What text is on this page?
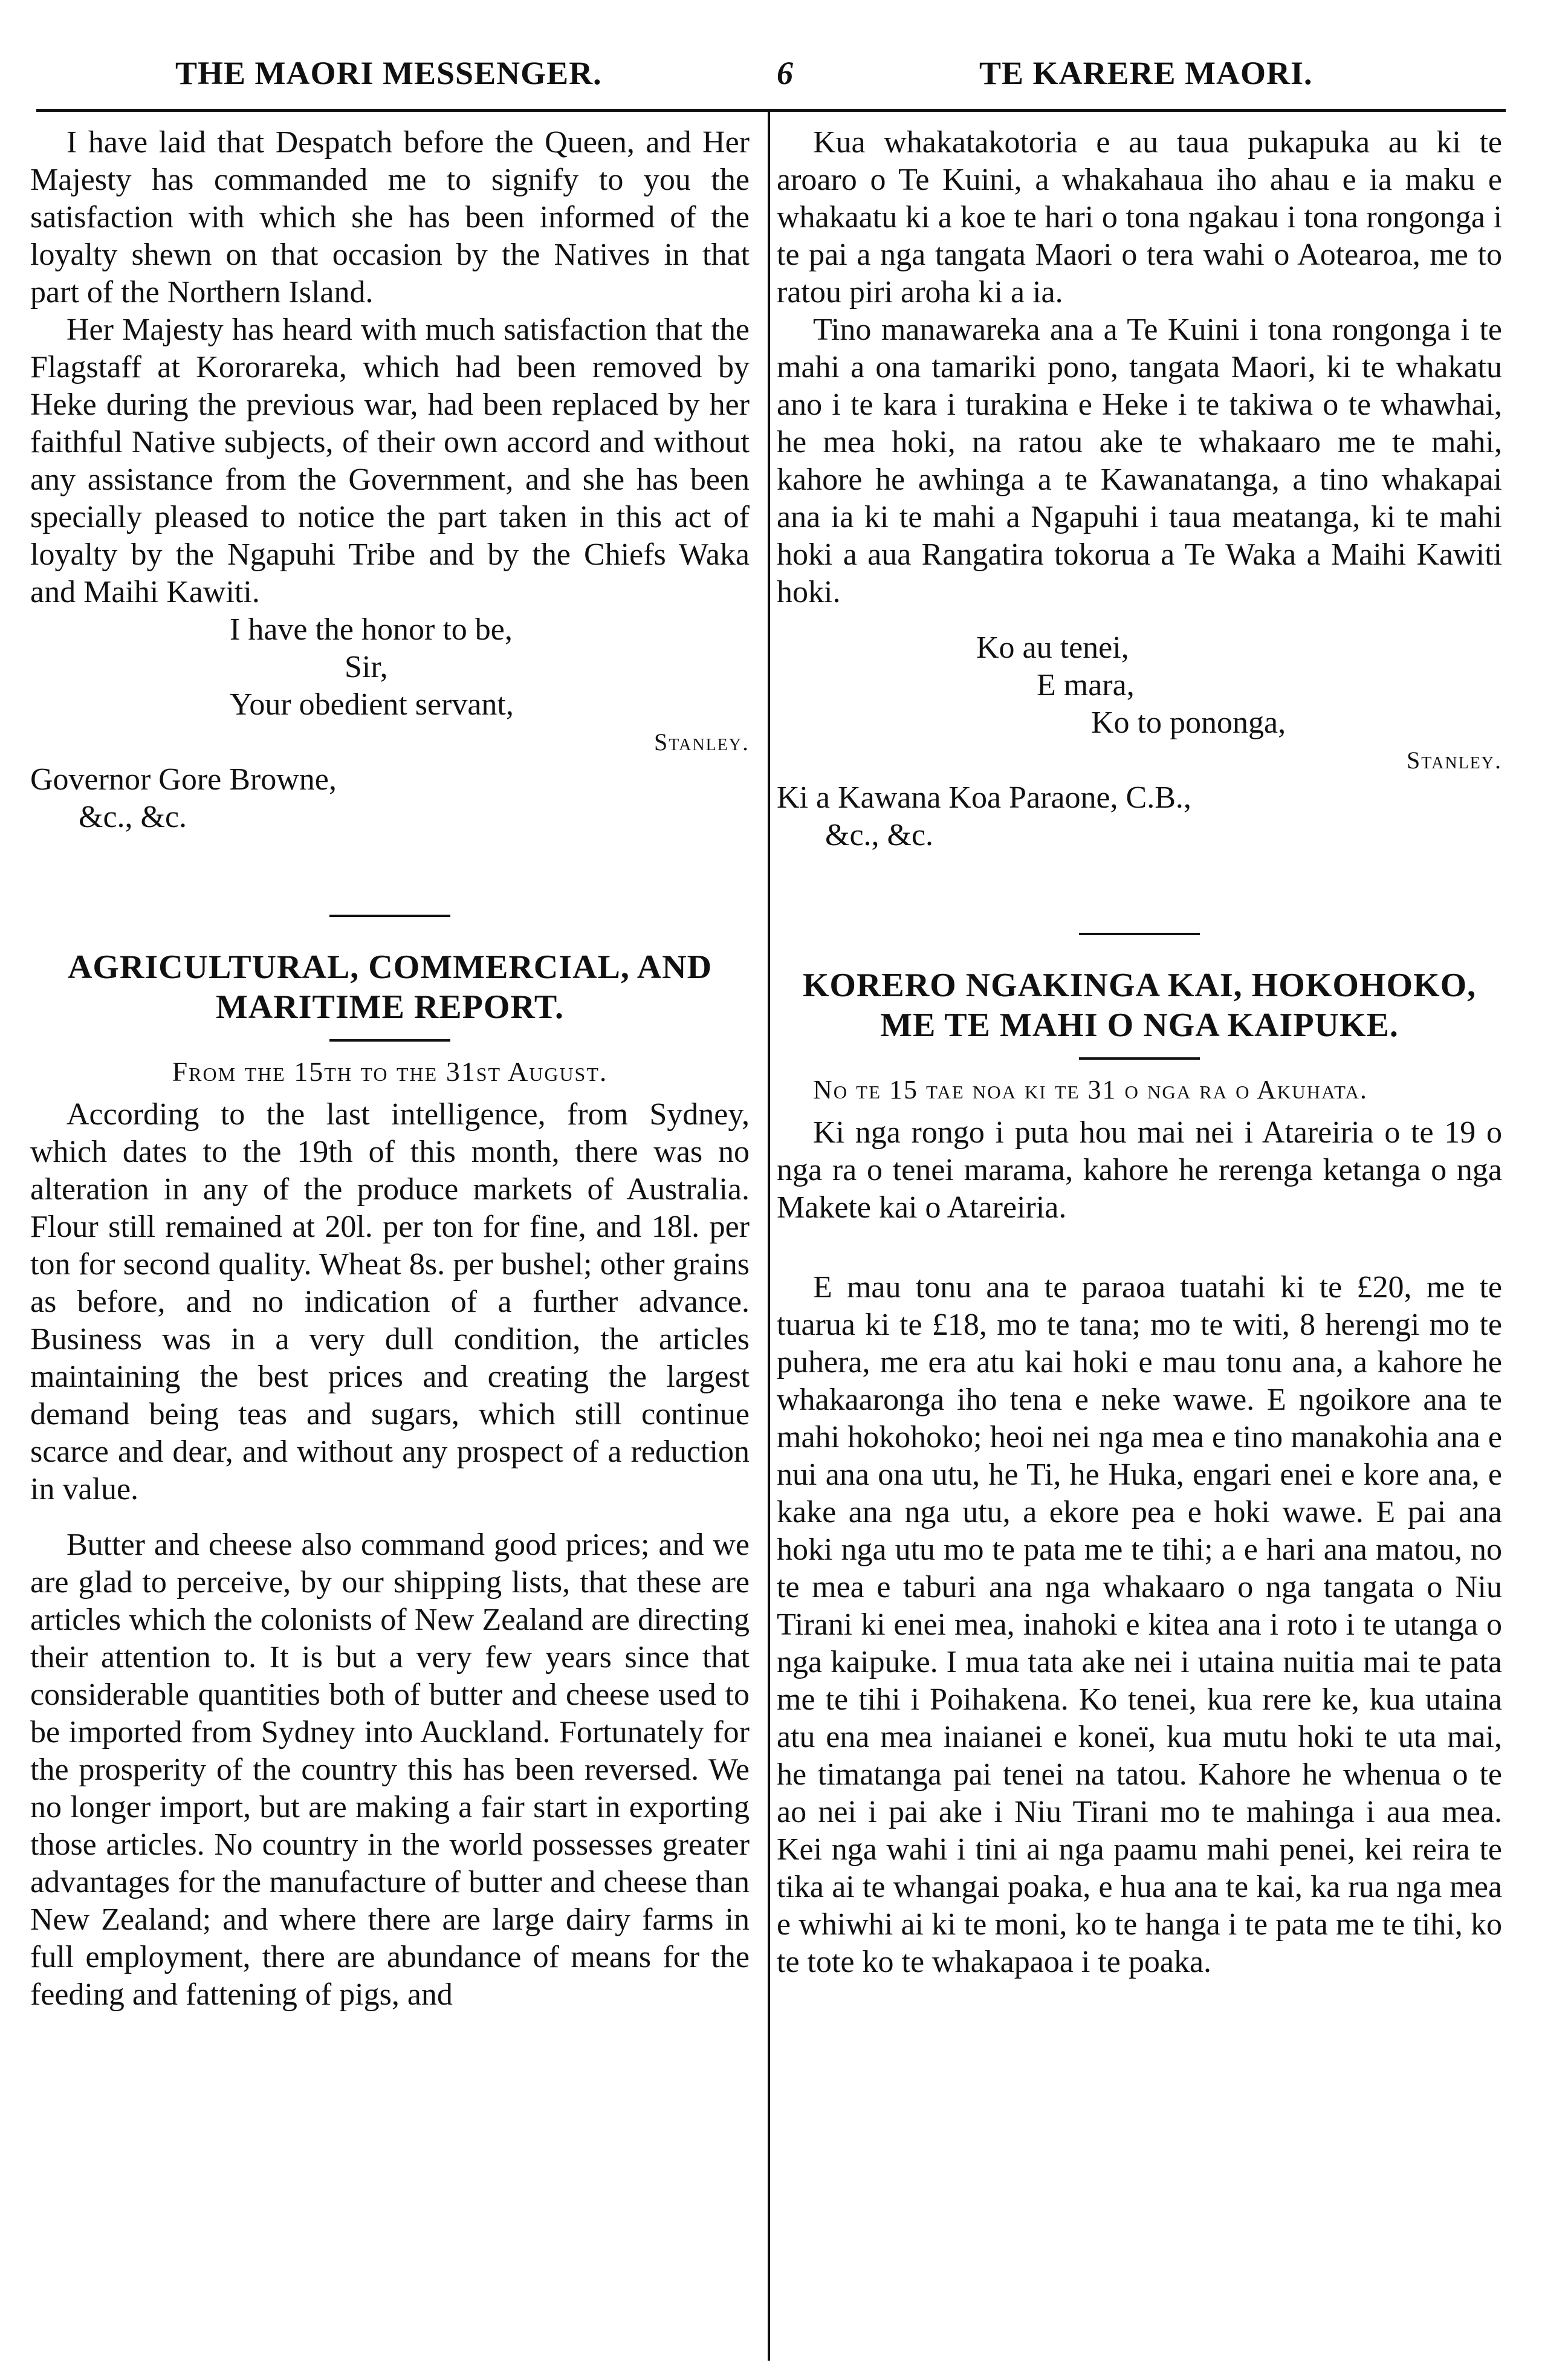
THE MAORI MESSENGER.	6	TE KARERE MAORI.

I have laid that Despatch before the Queen, and Her Majesty has commanded me to signify to you the satisfaction with which she has been informed of the loyalty shewn on that occasion by the Natives in that part of the Northern Island.

Her Majesty has heard with much satisfaction that the Flagstaff at Kororareka, which had been removed by Heke during the previous war, had been replaced by her faithful Native subjects, of their own accord and without any assistance from the Government, and she has been specially pleased to notice the part taken in this act of loyalty by the Ngapuhi Tribe and by the Chiefs Waka and Maihi Kawiti.

I have the honor to be,

Sir,

Your obedient servant,

Stanley.

Governor Gore Browne,

&c., &c.

AGRICULTURAL, COMMERCIAL, AND

MARITIME REPORT.

From the 15th to the 31st August.

According to the last intelligence, from Sydney, which dates to the 19th of this month, there was no alteration in any of the produce markets of Australia. Flour still remained at 20l. per ton for fine, and 18l. per ton for second quality. Wheat 8s. per bushel; other grains as before, and no indication of a further advance. Business was in a very dull condition, the articles maintaining the best prices and creating the largest demand being teas and sugars, which still continue scarce and dear, and without any prospect of a reduction in value.

Butter and cheese also command good prices; and we are glad to perceive, by our shipping lists, that these are articles which the colonists of New Zealand are directing their attention to. It is but a very few years since that considerable quantities both of butter and cheese used to be imported from Sydney into Auckland. Fortunately for the prosperity of the country this has been reversed. We no longer import, but are making a fair start in exporting those articles. No country in the world possesses greater advantages for the manufacture of butter and cheese than New Zealand; and where there are large dairy farms in full employment, there are abundance of means for the feeding and fattening of pigs, and

Kua whakatakotoria e au taua pukapuka au ki te aroaro o Te Kuini, a whakahaua iho ahau e ia maku e whakaatu ki a koe te hari o tona ngakau i tona rongonga i te pai a nga tangata Maori o tera wahi o Aotearoa, me to ratou piri aroha ki a ia.

Tino manawareka ana a Te Kuini i tona rongonga i te mahi a ona tamariki pono, tangata Maori, ki te whakatu ano i te kara i turakina e Heke i te takiwa o te whawhai, he mea hoki, na ratou ake te whakaaro me te mahi, kahore he awhinga a te Kawanatanga, a tino whakapai ana ia ki te mahi a Ngapuhi i taua meatanga, ki te mahi hoki a aua Rangatira tokorua a Te Waka a Maihi Kawiti hoki.

Ko au tenei,

E mara,

Ko to pononga,

Stanley.

Ki a Kawana Koa Paraone, C.B.,

&c., &c.

KORERO NGAKINGA KAI, HOKOHOKO,

ME TE MAHI O NGA KAIPUKE.

No te 15 tae noa ki te 31 o nga ra o Akuhata.

Ki nga rongo i puta hou mai nei i Atareiria o te 19 o nga ra o tenei marama, kahore he rerenga ketanga o nga Makete kai o Atareiria.

E mau tonu ana te paraoa tuatahi ki te £20, me te tuarua ki te £18, mo te tana; mo te witi, 8 herengi mo te puhera, me era atu kai hoki e mau tonu ana, a kahore he whakaaronga iho tena e neke wawe. E ngoikore ana te mahi hokohoko; heoi nei nga mea e tino manakohia ana e nui ana ona utu, he Ti, he Huka, engari enei e kore ana, e kake ana nga utu, a ekore pea e hoki wawe. E pai ana hoki nga utu mo te pata me te tihi; a e hari ana matou, no te mea e taburi ana nga whakaaro o nga tangata o Niu Tirani ki enei mea, inahoki e kitea ana i roto i te utanga o nga kaipuke. I mua tata ake nei i utaina nuitia mai te pata me te tihi i Poihakena. Ko tenei, kua rere ke, kua utaina atu ena mea inaianei e koneï, kua mutu hoki te uta mai, he timatanga pai tenei na tatou. Kahore he whenua o te ao nei i pai ake i Niu Tirani mo te mahinga i aua mea. Kei nga wahi i tini ai nga paamu mahi penei, kei reira te tika ai te whangai poaka, e hua ana te kai, ka rua nga mea e whiwhi ai ki te moni, ko te hanga i te pata me te tihi, ko te tote ko te whakapaoa i te poaka.
